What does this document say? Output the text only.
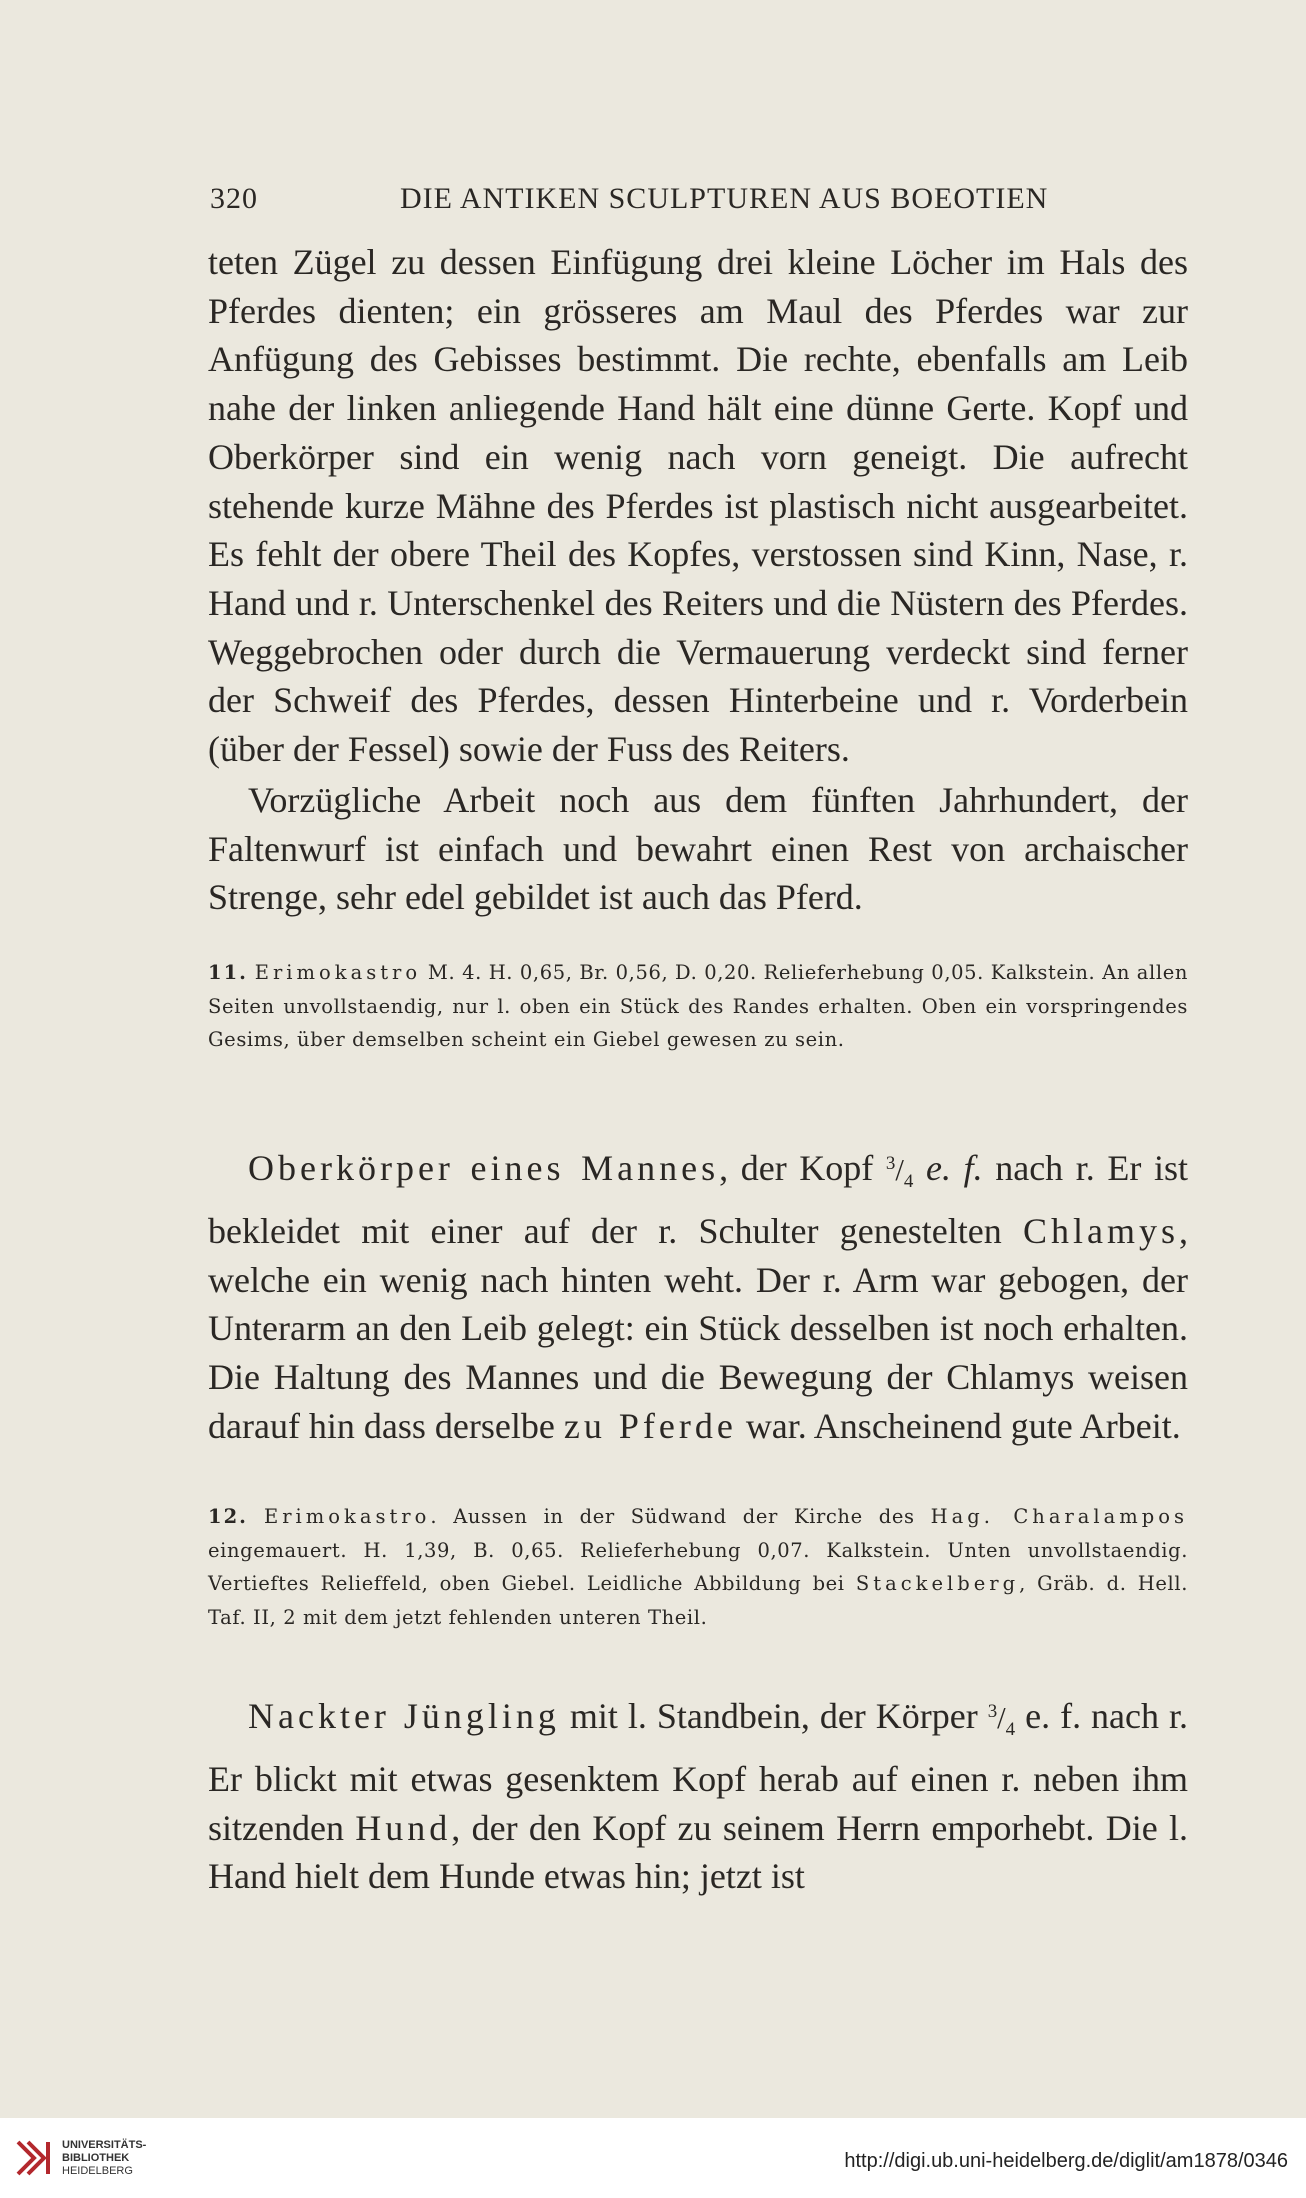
320	DIE ANTIKEN SCULPTUREN AUS BOEOTIEN

teten Zügel zu dessen Einfügung drei kleine Löcher im Hals des Pferdes dienten; ein grösseres am Maul des Pferdes war zur Anfügung des Gebisses bestimmt. Die rechte, ebenfalls am Leib nahe der linken anliegende Hand hält eine dünne Gerte. Kopf und Oberkörper sind ein wenig nach vorn geneigt. Die aufrecht stehende kurze Mähne des Pferdes ist plastisch nicht ausgearbeitet. Es fehlt der obere Theil des Kopfes, verstossen sind Kinn, Nase, r. Hand und r. Unterschenkel des Reiters und die Nüstern des Pferdes. Weggebrochen oder durch die Vermauerung verdeckt sind ferner der Schweif des Pferdes, dessen Hinterbeine und r. Vorderbein (über der Fessel) sowie der Fuss des Reiters.

Vorzügliche Arbeit noch aus dem fünften Jahrhundert, der Faltenwurf ist einfach und bewahrt einen Rest von archaischer Strenge, sehr edel gebildet ist auch das Pferd.

11. Erimokastro M. 4. H. 0,65, Br. 0,56, D. 0,20. Relieferhebung 0,05. Kalkstein. An allen Seiten unvollstaendig, nur l. oben ein Stück des Randes erhalten. Oben ein vorspringendes Gesims, über demselben scheint ein Giebel gewesen zu sein.

Oberkörper eines Mannes, der Kopf $^3/_4$ e. f. nach r. Er ist bekleidet mit einer auf der r. Schulter genestelten Chlamys, welche ein wenig nach hinten weht. Der r. Arm war gebogen, der Unterarm an den Leib gelegt: ein Stück desselben ist noch erhalten. Die Haltung des Mannes und die Bewegung der Chlamys weisen darauf hin dass derselbe zu Pferde war. Anscheinend gute Arbeit.

12. Erimokastro. Aussen in der Südwand der Kirche des Hag. Charalampos eingemauert. H. 1,39, B. 0,65. Relieferhebung 0,07. Kalkstein. Unten unvollstaendig. Vertieftes Relieffeld, oben Giebel. Leidliche Abbildung bei Stackelberg, Gräb. d. Hell. Taf. II, 2 mit dem jetzt fehlenden unteren Theil.

Nackter Jüngling mit l. Standbein, der Körper $^3/_4$ e. f. nach r. Er blickt mit etwas gesenktem Kopf herab auf einen r. neben ihm sitzenden Hund, der den Kopf zu seinem Herrn emporhebt. Die l. Hand hielt dem Hunde etwas hin; jetzt ist

UNIVERSITÄTS-
BIBLIOTHEK
HEIDELBERG	http://digi.ub.uni-heidelberg.de/diglit/am1878/0346
